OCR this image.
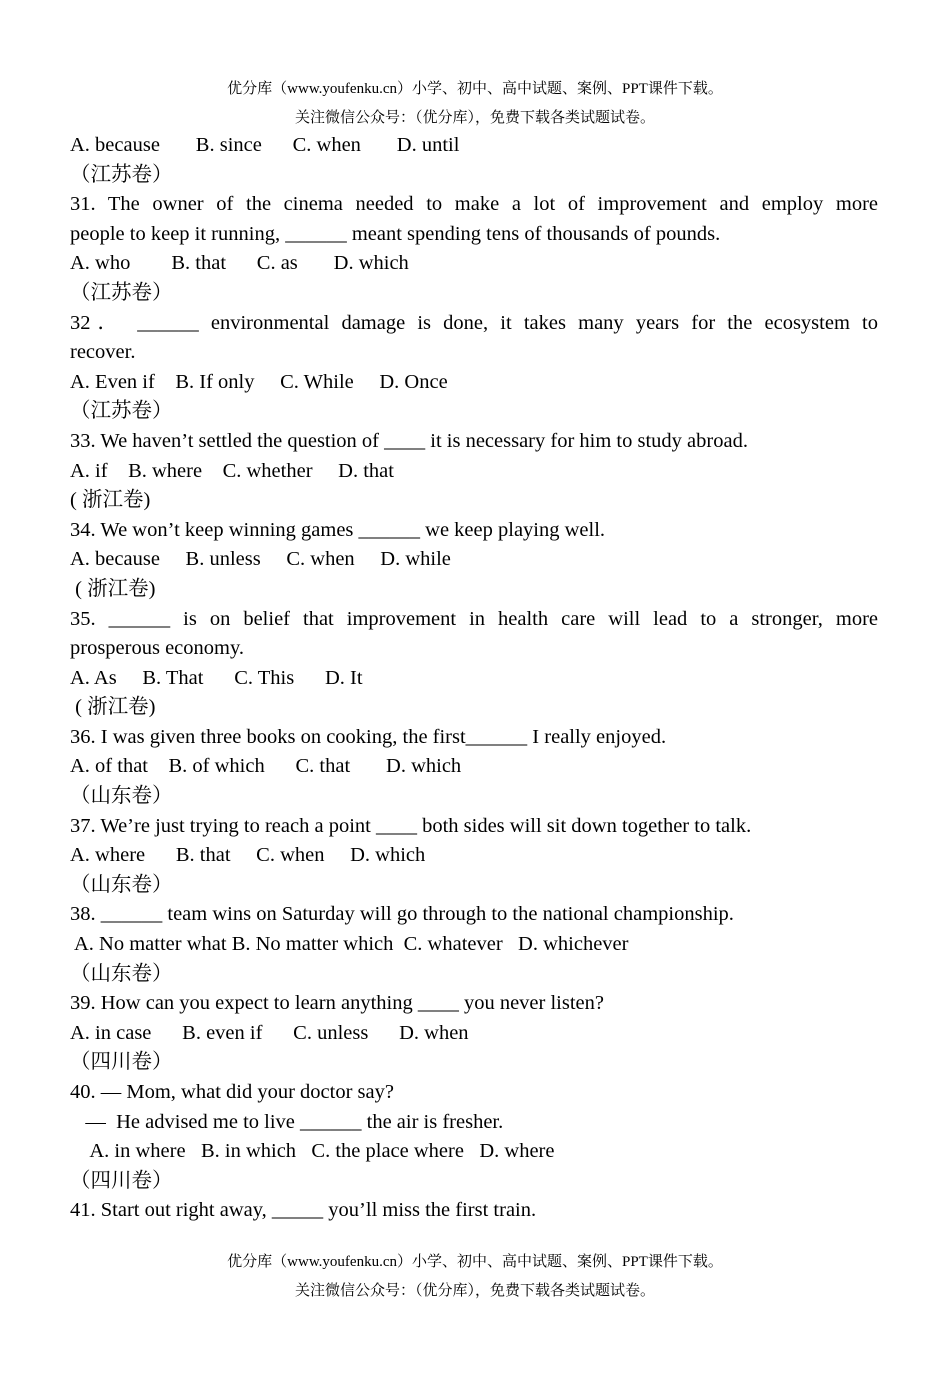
优分库（www.youfenku.cn）小学、初中、高中试题、案例、PPT课件下载。
关注微信公众号：（优分库），免费下载各类试题试卷。
A. because       B. since      C. when       D. until
（江苏卷）
31. The owner of the cinema needed to make a lot of improvement and employ more
people to keep it running, ______ meant spending tens of thousands of pounds.
A. who        B. that      C. as       D. which
（江苏卷）
32． ______ environmental damage is done, it takes many years for the ecosystem to
recover.
A. Even if    B. If only     C. While     D. Once
（江苏卷）
33. We haven’t settled the question of ____ it is necessary for him to study abroad.
A. if    B. where    C. whether     D. that
( 浙江卷)
34. We won’t keep winning games ______ we keep playing well.
A. because     B. unless     C. when     D. while
( 浙江卷)
35. ______ is on belief that improvement in health care will lead to a stronger, more
prosperous economy.
A. As     B. That      C. This      D. It
( 浙江卷)
36. I was given three books on cooking, the first______ I really enjoyed.
A. of that    B. of which      C. that       D. which
（山东卷）
37. We’re just trying to reach a point ____ both sides will sit down together to talk.
A. where      B. that     C. when     D. which
（山东卷）
38. ______ team wins on Saturday will go through to the national championship.
A. No matter what B. No matter which  C. whatever   D. whichever
（山东卷）
39. How can you expect to learn anything ____ you never listen?
A. in case      B. even if      C. unless      D. when
（四川卷）
40. — Mom, what did your doctor say?
—  He advised me to live ______ the air is fresher.
A. in where   B. in which   C. the place where   D. where
（四川卷）
41. Start out right away, _____ you’ll miss the first train.
优分库（www.youfenku.cn）小学、初中、高中试题、案例、PPT课件下载。
关注微信公众号：（优分库），免费下载各类试题试卷。
